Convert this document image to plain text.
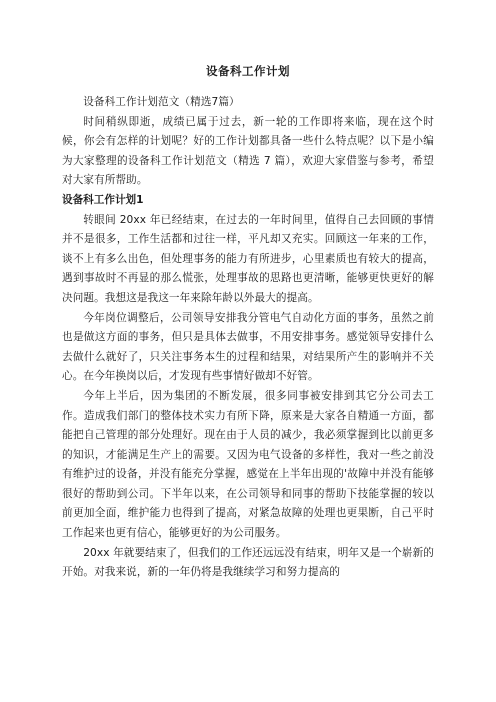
设备科工作计划

设备科工作计划范文（精选7篇）

时间稍纵即逝，成绩已属于过去，新一轮的工作即将来临，现在这个时候，你会有怎样的计划呢？好的工作计划都具备一些什么特点呢？以下是小编为大家整理的设备科工作计划范文（精选 7 篇），欢迎大家借鉴与参考，希望对大家有所帮助。

设备科工作计划1

转眼间 20xx 年已经结束，在过去的一年时间里，值得自己去回顾的事情并不是很多，工作生活都和过往一样，平凡却又充实。回顾这一年来的工作，谈不上有多么出色，但处理事务的能力有所进步，心里素质也有较大的提高，遇到事故时不再显的那么慌张，处理事故的思路也更清晰，能够更快更好的解决问题。我想这是我这一年来除年龄以外最大的提高。

今年岗位调整后，公司领导安排我分管电气自动化方面的事务，虽然之前也是做这方面的事务，但只是具体去做事，不用安排事务。感觉领导安排什么去做什么就好了，只关注事务本生的过程和结果，对结果所产生的影响并不关心。在今年换岗以后，才发现有些事情好做却不好管。

今年上半后，因为集团的不断发展，很多同事被安排到其它分公司去工作。造成我们部门的整体技术实力有所下降，原来是大家各自精通一方面，都能把自己管理的部分处理好。现在由于人员的减少，我必须掌握到比以前更多的知识，才能满足生产上的需要。又因为电气设备的多样性，我对一些之前没有维护过的设备，并没有能充分掌握，感觉在上半年出现的'故障中并没有能够很好的帮助到公司。下半年以来，在公司领导和同事的帮助下技能掌握的较以前更加全面，维护能力也得到了提高，对紧急故障的处理也更果断，自己平时工作起来也更有信心，能够更好的为公司服务。

20xx 年就要结束了，但我们的工作还远远没有结束，明年又是一个崭新的开始。对我来说，新的一年仍将是我继续学习和努力提高的
